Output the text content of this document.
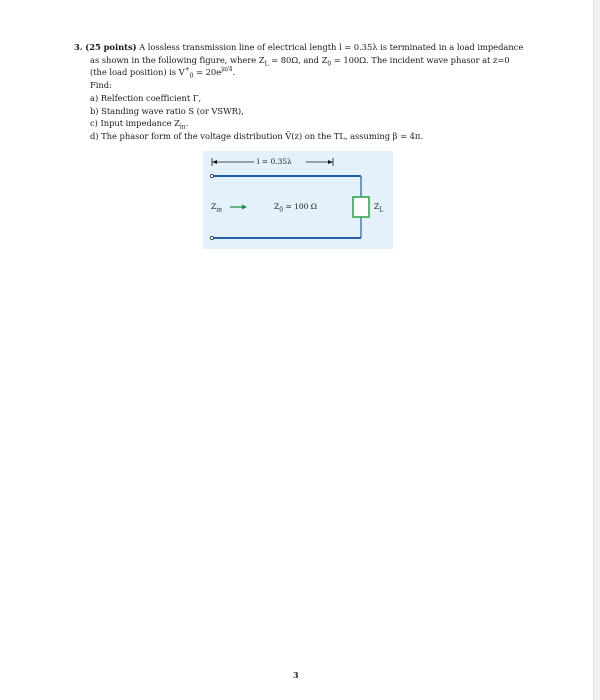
3. (25 points) A lossless transmission line of electrical length l = 0.35λ is terminated in a load impedance
as shown in the following figure, where $Z_L = 80\Omega$, and $Z_0 = 100\Omega$. The incident wave phasor at z=0
(the load position) is $V^+_0 = 20e^{j\pi/4}$.
Find:
a) Relfection coefficient Γ,
b) Standing wave ratio S (or VSWR),
c) Input impedance $Z_{in}$.
d) The phasor form of the voltage distribution Ṽ(z) on the TL, assuming β = 4π.
l = 0.35λ
$Z_{in}$	$Z_0 = 100$ Ω	$Z_L$
3
